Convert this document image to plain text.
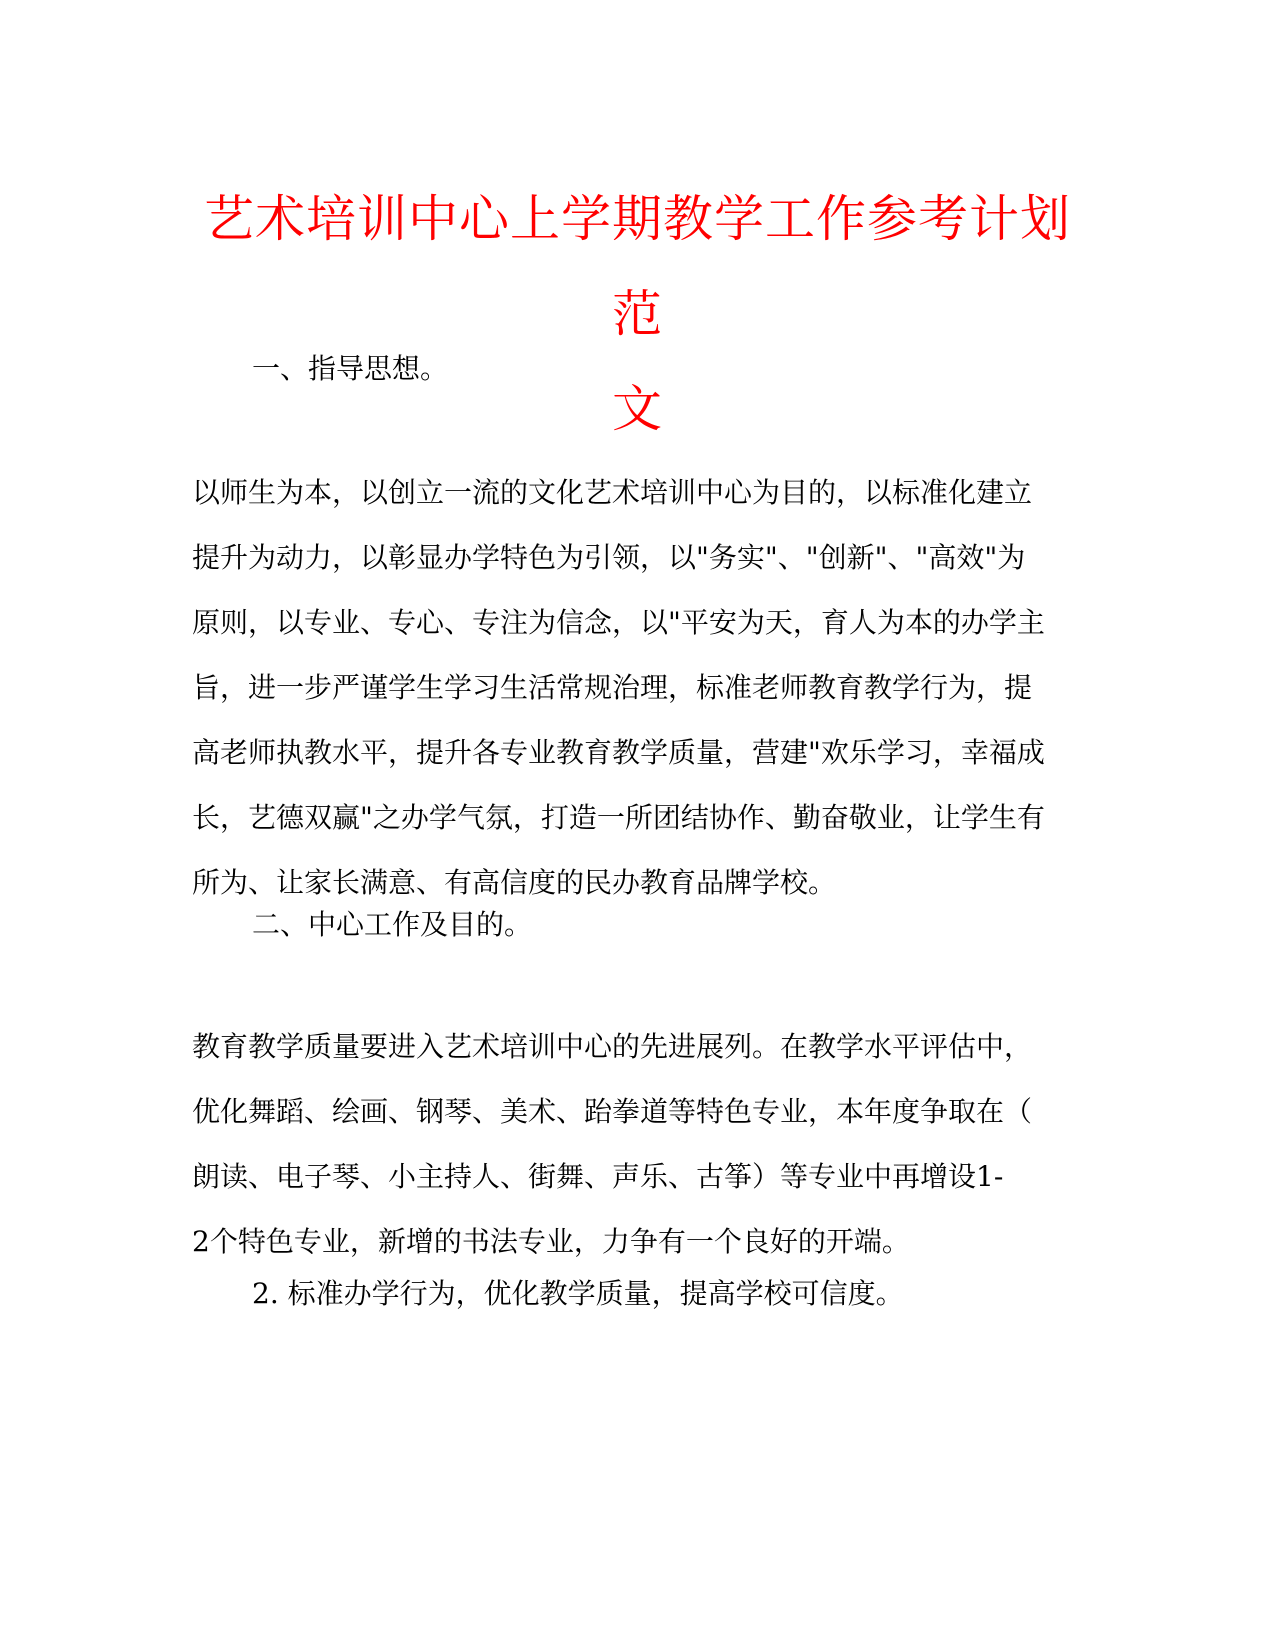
艺术培训中心上学期教学工作参考计划范
文
一、指导思想。
以师生为本，以创立一流的文化艺术培训中心为目的，以标准化建立
提升为动力，以彰显办学特色为引领，以"务实"、"创新"、"高效"为
原则，以专业、专心、专注为信念，以"平安为天，育人为本的办学主
旨，进一步严谨学生学习生活常规治理，标准老师教育教学行为，提
高老师执教水平，提升各专业教育教学质量，营建"欢乐学习，幸福成
长，艺德双赢"之办学气氛，打造一所团结协作、勤奋敬业，让学生有
所为、让家长满意、有高信度的民办教育品牌学校。
二、中心工作及目的。
教育教学质量要进入艺术培训中心的先进展列。在教学水平评估中，
优化舞蹈、绘画、钢琴、美术、跆拳道等特色专业，本年度争取在（
朗读、电子琴、小主持人、街舞、声乐、古筝）等专业中再增设1-
2个特色专业，新增的书法专业，力争有一个良好的开端。
2. 标准办学行为，优化教学质量，提高学校可信度。
